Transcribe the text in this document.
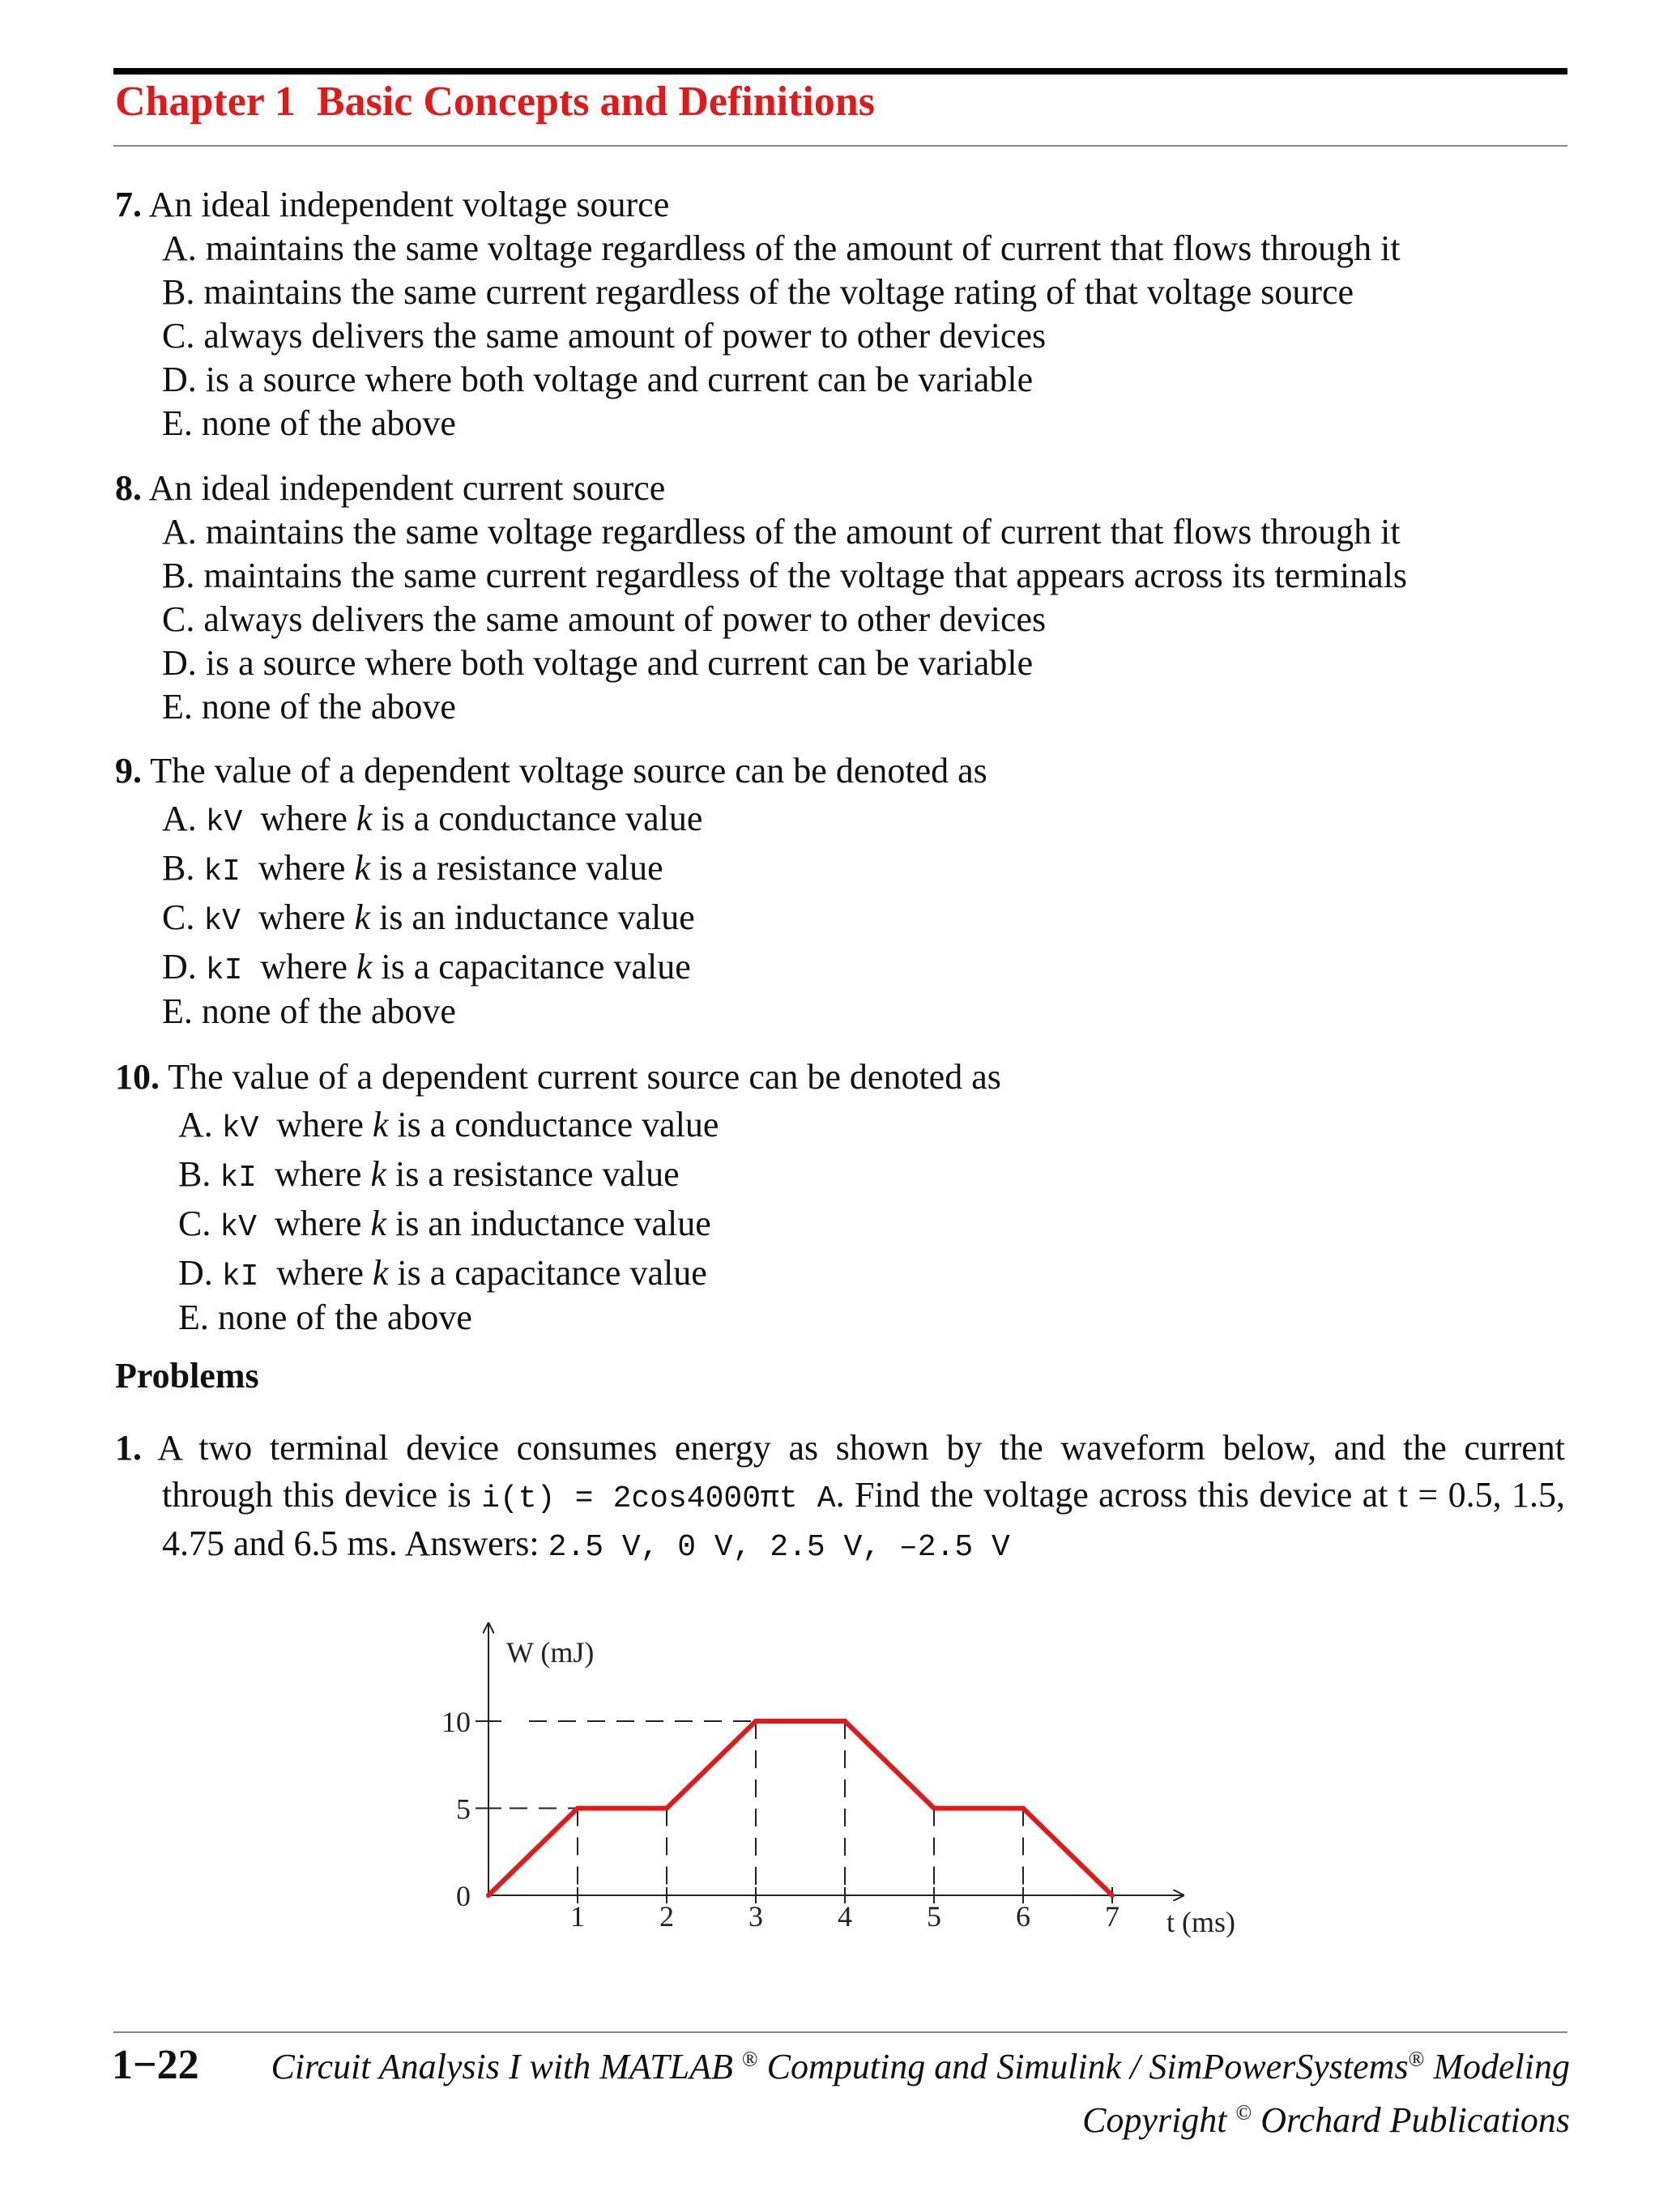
Chapter 1 Basic Concepts and Definitions
7. An ideal independent voltage source
A. maintains the same voltage regardless of the amount of current that flows through it
B. maintains the same current regardless of the voltage rating of that voltage source
C. always delivers the same amount of power to other devices
D. is a source where both voltage and current can be variable
E. none of the above
8. An ideal independent current source
A. maintains the same voltage regardless of the amount of current that flows through it
B. maintains the same current regardless of the voltage that appears across its terminals
C. always delivers the same amount of power to other devices
D. is a source where both voltage and current can be variable
E. none of the above
9. The value of a dependent voltage source can be denoted as
A. kV where k is a conductance value
B. kI where k is a resistance value
C. kV where k is an inductance value
D. kI where k is a capacitance value
E. none of the above
10. The value of a dependent current source can be denoted as
A. kV where k is a conductance value
B. kI where k is a resistance value
C. kV where k is an inductance value
D. kI where k is a capacitance value
E. none of the above
Problems
1. A two terminal device consumes energy as shown by the waveform below, and the current
through this device is i(t) = 2cos4000πt A. Find the voltage across this device at t = 0.5, 1.5,
4.75 and 6.5 ms. Answers: 2.5 V, 0 V, 2.5 V, –2.5 V
W (mJ)
t (ms)
10
5
0
1	2	3	4	5	6	7
1−22 Circuit Analysis I with MATLAB ® Computing and Simulink / SimPowerSystems® Modeling
Copyright © Orchard Publications
